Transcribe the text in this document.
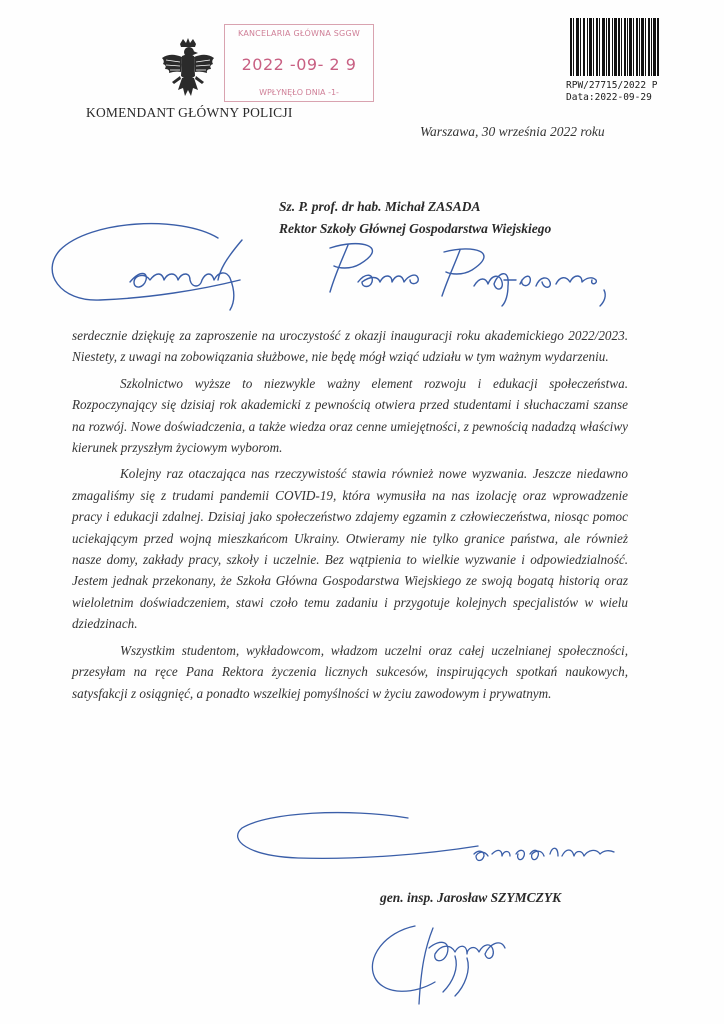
KOMENDANT GŁÓWNY POLICJI
KANCELARIA GŁÓWNA SGGW
2022 -09- 2 9
WPŁYNĘŁO DNIA -1-
RPW/27715/2022 P
Data:2022-09-29
Warszawa, 30 września 2022 roku
Sz. P. prof. dr hab. Michał ZASADA
Rektor Szkoły Głównej Gospodarstwa Wiejskiego

serdecznie dziękuję za zaproszenie na uroczystość z okazji inauguracji roku akademickiego 2022/2023. Niestety, z uwagi na zobowiązania służbowe, nie będę mógł wziąć udziału w tym ważnym wydarzeniu.

Szkolnictwo wyższe to niezwykle ważny element rozwoju i edukacji społeczeństwa. Rozpoczynający się dzisiaj rok akademicki z pewnością otwiera przed studentami i słuchaczami szanse na rozwój. Nowe doświadczenia, a także wiedza oraz cenne umiejętności, z pewnością nadadzą właściwy kierunek przyszłym życiowym wyborom.

Kolejny raz otaczająca nas rzeczywistość stawia również nowe wyzwania. Jeszcze niedawno zmagaliśmy się z trudami pandemii COVID-19, która wymusiła na nas izolację oraz wprowadzenie pracy i edukacji zdalnej. Dzisiaj jako społeczeństwo zdajemy egzamin z człowieczeństwa, niosąc pomoc uciekającym przed wojną mieszkańcom Ukrainy. Otwieramy nie tylko granice państwa, ale również nasze domy, zakłady pracy, szkoły i uczelnie. Bez wątpienia to wielkie wyzwanie i odpowiedzialność. Jestem jednak przekonany, że Szkoła Główna Gospodarstwa Wiejskiego ze swoją bogatą historią oraz wieloletnim doświadczeniem, stawi czoło temu zadaniu i przygotuje kolejnych specjalistów w wielu dziedzinach.

Wszystkim studentom, wykładowcom, władzom uczelni oraz całej uczelnianej społeczności, przesyłam na ręce Pana Rektora życzenia licznych sukcesów, inspirujących spotkań naukowych, satysfakcji z osiągnięć, a ponadto wszelkiej pomyślności w życiu zawodowym i prywatnym.

gen. insp. Jarosław SZYMCZYK
